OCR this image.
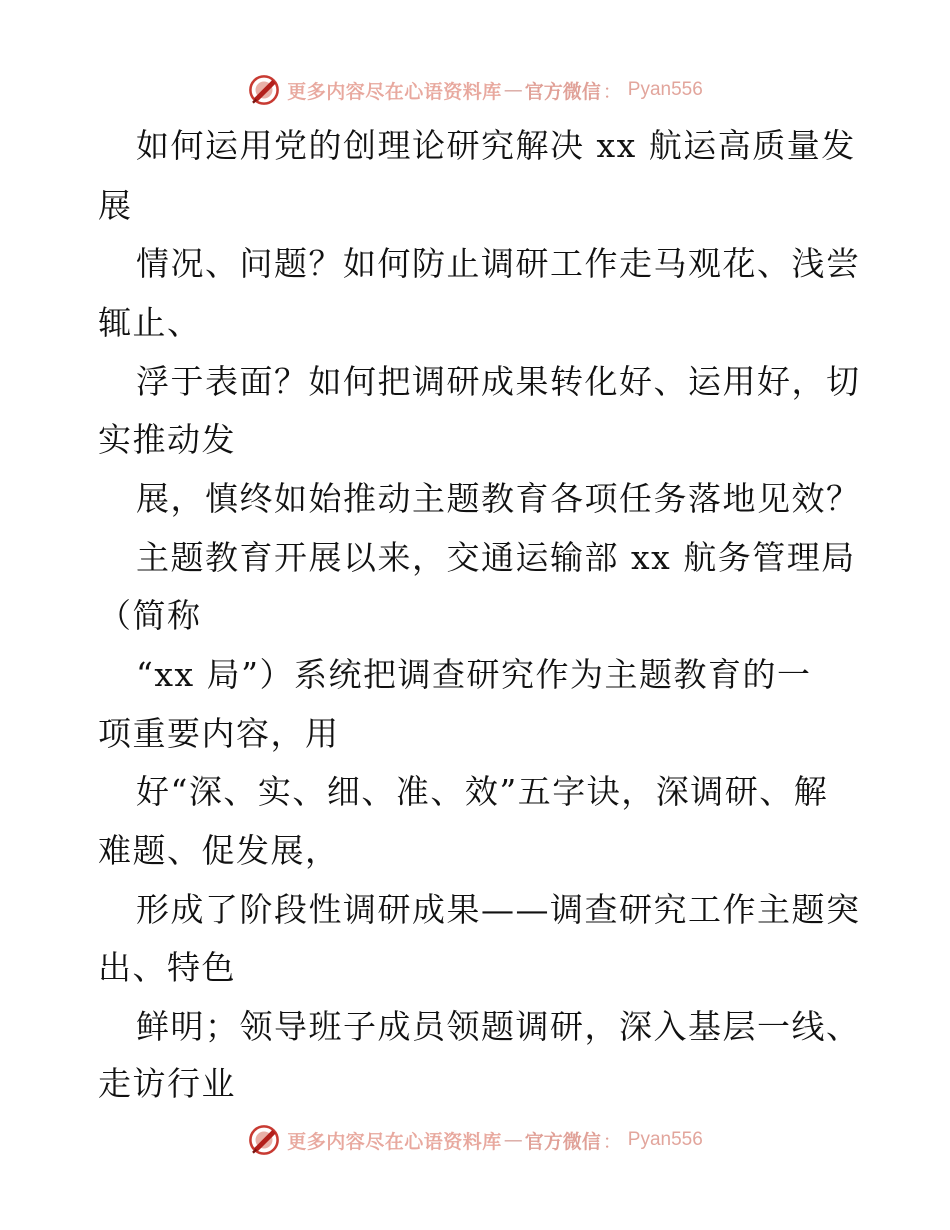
更多内容尽在心语资料库 — 官方微信 ： Pyan556
如何运用党的创理论研究解决 xx 航运高质量发
展
情况、问题？如何防止调研工作走马观花、浅尝
辄止、
浮于表面？如何把调研成果转化好、运用好，切
实推动发
展，慎终如始推动主题教育各项任务落地见效？
主题教育开展以来，交通运输部 xx 航务管理局
（简称
“xx 局”）系统把调查研究作为主题教育的一
项重要内容，用
好“深、实、细、准、效”五字诀，深调研、解
难题、促发展，
形成了阶段性调研成果——调查研究工作主题突
出、特色
鲜明；领导班子成员领题调研，深入基层一线、
走访行业
更多内容尽在心语资料库 — 官方微信 ： Pyan556
